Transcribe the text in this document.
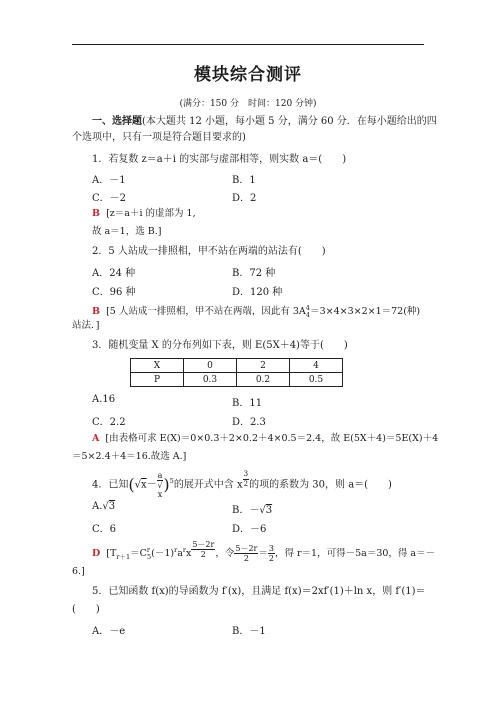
模块综合测评
(满分：150 分　时间：120 分钟)
一、选择题(本大题共 12 小题，每小题 5 分，满分 60 分．在每小题给出的四
个选项中，只有一项是符合题目要求的)
1．若复数 z＝a＋i 的实部与虚部相等，则实数 a＝(　　)
A．－1	B．1
C．－2	D．2
B [z＝a＋i 的虚部为 1,
故 a＝1，选 B.]
2．5 人站成一排照相，甲不站在两端的站法有(　　)
A．24 种	B．72 种
C．96 种	D．120 种
B [5 人站成一排照相，甲不站在两端，因此有 $3A^4_4=3\times 4\times 3\times 2\times 1=72$(种)
站法．]
3．随机变量 X 的分布列如下表，则 E(5X＋4)等于(　　)
X	0	2	4
P	0.3	0.2	0.5
A.16	B．11
C．2.2	D．2.3
A [由表格可求 E(X)＝0×0.3＋2×0.2＋4×0.5＝2.4，故 E(5X＋4)＝5E(X)＋4
＝5×2.4＋4＝16.故选 A.]
4．已知(√x－ a
√
x )$^5$的展开式中含 x $\frac{3}{2}$ 的项的系数为 30，则 a＝(　　)
A.√3	B．－√3
C．6	D．－6
D [$T_{r+1}=C^r_5(-1)^ra^rx \frac{5-2r}{2}$ ，令 $\frac{5-2r}{2} = \frac{3}{2}$ ，得 r＝1，可得－5a＝30，得 a＝－
6.]
5．已知函数 f(x)的导函数为 f′(x)，且满足 f(x)＝2xf′(1)＋ln x，则 f′(1)＝
(　　)
A．－e	B．－1
